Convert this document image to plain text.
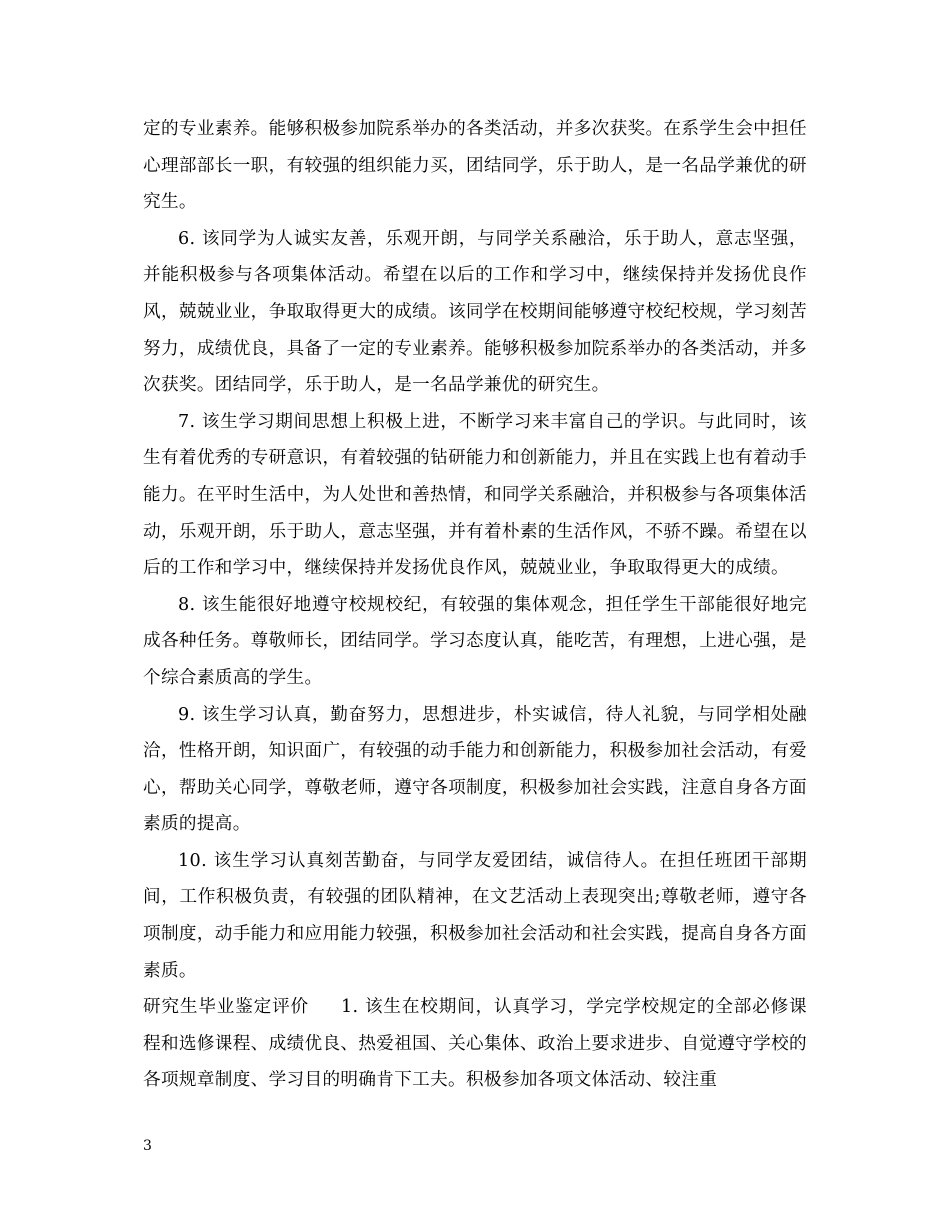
定的专业素养。能够积极参加院系举办的各类活动，并多次获奖。在系学生会中担任心理部部长一职，有较强的组织能力买，团结同学，乐于助人，是一名品学兼优的研究生。

6. 该同学为人诚实友善，乐观开朗，与同学关系融洽，乐于助人，意志坚强，并能积极参与各项集体活动。希望在以后的工作和学习中，继续保持并发扬优良作风，兢兢业业，争取取得更大的成绩。该同学在校期间能够遵守校纪校规，学习刻苦努力，成绩优良，具备了一定的专业素养。能够积极参加院系举办的各类活动，并多次获奖。团结同学，乐于助人，是一名品学兼优的研究生。

7. 该生学习期间思想上积极上进，不断学习来丰富自己的学识。与此同时，该生有着优秀的专研意识，有着较强的钻研能力和创新能力，并且在实践上也有着动手能力。在平时生活中，为人处世和善热情，和同学关系融洽，并积极参与各项集体活动，乐观开朗，乐于助人，意志坚强，并有着朴素的生活作风，不骄不躁。希望在以后的工作和学习中，继续保持并发扬优良作风，兢兢业业，争取取得更大的成绩。

8. 该生能很好地遵守校规校纪，有较强的集体观念，担任学生干部能很好地完成各种任务。尊敬师长，团结同学。学习态度认真，能吃苦，有理想，上进心强，是个综合素质高的学生。

9. 该生学习认真，勤奋努力，思想进步，朴实诚信，待人礼貌，与同学相处融洽，性格开朗，知识面广，有较强的动手能力和创新能力，积极参加社会活动，有爱心，帮助关心同学，尊敬老师，遵守各项制度，积极参加社会实践，注意自身各方面素质的提高。

10. 该生学习认真刻苦勤奋，与同学友爱团结，诚信待人。在担任班团干部期间，工作积极负责，有较强的团队精神，在文艺活动上表现突出;尊敬老师，遵守各项制度，动手能力和应用能力较强，积极参加社会活动和社会实践，提高自身各方面素质。

研究生毕业鉴定评价 1. 该生在校期间，认真学习，学完学校规定的全部必修课程和选修课程、成绩优良、热爱祖国、关心集体、政治上要求进步、自觉遵守学校的各项规章制度、学习目的明确肯下工夫。积极参加各项文体活动、较注重

3
